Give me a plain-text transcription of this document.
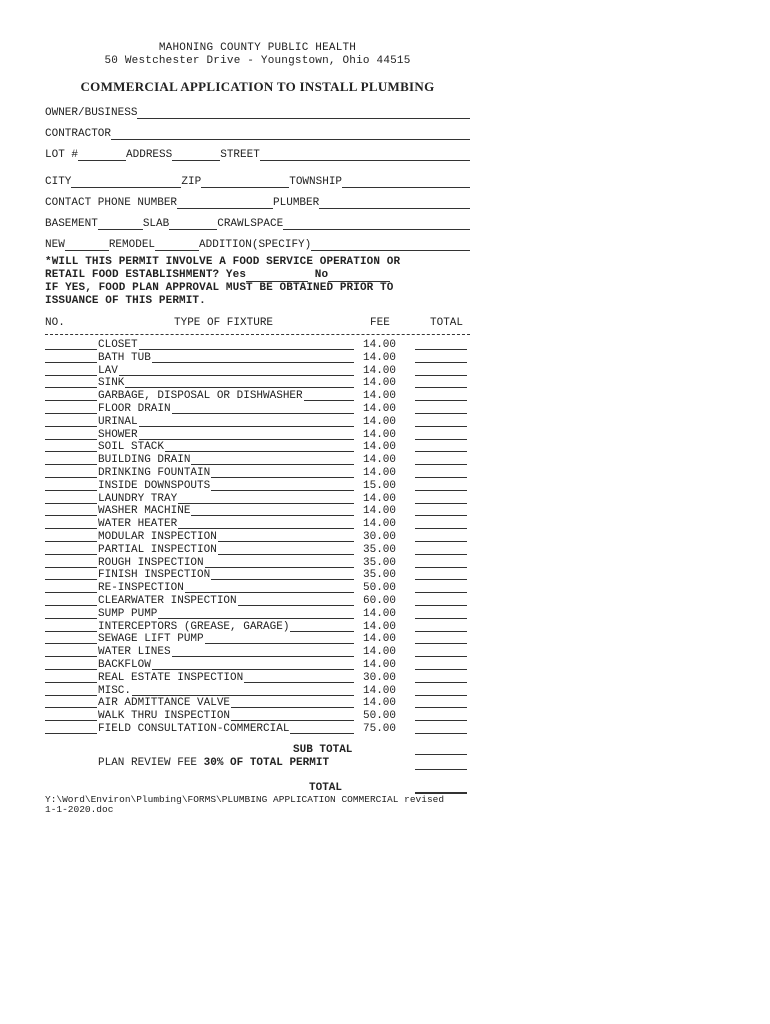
MAHONING COUNTY PUBLIC HEALTH
50 Westchester Drive - Youngstown, Ohio 44515
COMMERCIAL APPLICATION TO INSTALL PLUMBING
OWNER/BUSINESS
CONTRACTOR
LOT #	ADDRESS	STREET
CITY	ZIP	TOWNSHIP
CONTACT PHONE NUMBER	PLUMBER
BASEMENT	SLAB	CRAWLSPACE
NEW	REMODEL	ADDITION(SPECIFY)
*WILL THIS PERMIT INVOLVE A FOOD SERVICE OPERATION OR
RETAIL FOOD ESTABLISHMENT? Yes	No
IF YES, FOOD PLAN APPROVAL MUST BE OBTAINED PRIOR TO
ISSUANCE OF THIS PERMIT.
NO.	TYPE OF FIXTURE	FEE	TOTAL
CLOSET	14.00
BATH TUB	14.00
LAV	14.00
SINK	14.00
GARBAGE, DISPOSAL OR DISHWASHER	14.00
FLOOR DRAIN	14.00
URINAL	14.00
SHOWER	14.00
SOIL STACK	14.00
BUILDING DRAIN	14.00
DRINKING FOUNTAIN	14.00
INSIDE DOWNSPOUTS	15.00
LAUNDRY TRAY	14.00
WASHER MACHINE	14.00
WATER HEATER	14.00
MODULAR INSPECTION	30.00
PARTIAL INSPECTION	35.00
ROUGH INSPECTION	35.00
FINISH INSPECTION	35.00
RE-INSPECTION	50.00
CLEARWATER INSPECTION	60.00
SUMP PUMP	14.00
INTERCEPTORS (GREASE, GARAGE)	14.00
SEWAGE LIFT PUMP	14.00
WATER LINES	14.00
BACKFLOW	14.00
REAL ESTATE INSPECTION	30.00
MISC.	14.00
AIR ADMITTANCE VALVE	14.00
WALK THRU INSPECTION	50.00
FIELD CONSULTATION-COMMERCIAL	75.00
SUB TOTAL
PLAN REVIEW FEE 30% OF TOTAL PERMIT
TOTAL
Y:\Word\Environ\Plumbing\FORMS\PLUMBING APPLICATION COMMERCIAL revised
1-1-2020.doc
